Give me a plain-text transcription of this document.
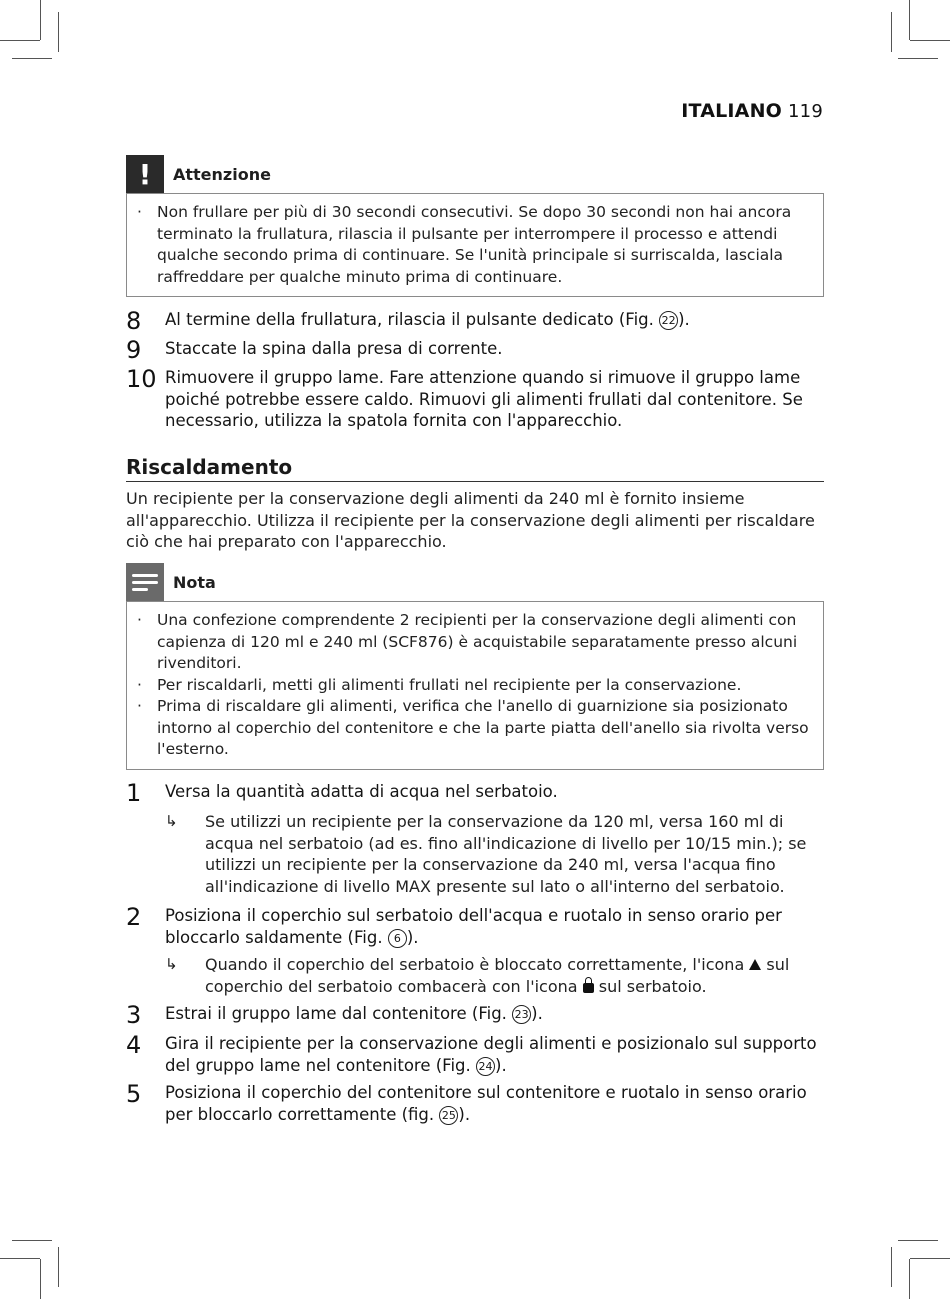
ITALIANO 119
!	Attenzione
· Non frullare per più di 30 secondi consecutivi. Se dopo 30 secondi non hai ancora terminato la frullatura, rilascia il pulsante per interrompere il processo e attendi qualche secondo prima di continuare. Se l'unità principale si surriscalda, lasciala raffreddare per qualche minuto prima di continuare.
8	Al termine della frullatura, rilascia il pulsante dedicato (Fig. 22 ).
9	Staccate la spina dalla presa di corrente.
10 Rimuovere il gruppo lame. Fare attenzione quando si rimuove il gruppo lame poiché potrebbe essere caldo. Rimuovi gli alimenti frullati dal contenitore. Se necessario, utilizza la spatola fornita con l'apparecchio.
Riscaldamento
Un recipiente per la conservazione degli alimenti da 240 ml è fornito insieme all'apparecchio. Utilizza il recipiente per la conservazione degli alimenti per riscaldare ciò che hai preparato con l'apparecchio.
Nota
· Una confezione comprendente 2 recipienti per la conservazione degli alimenti con capienza di 120 ml e 240 ml (SCF876) è acquistabile separatamente presso alcuni rivenditori.
· Per riscaldarli, metti gli alimenti frullati nel recipiente per la conservazione.
· Prima di riscaldare gli alimenti, verifica che l'anello di guarnizione sia posizionato intorno al coperchio del contenitore e che la parte piatta dell'anello sia rivolta verso l'esterno.
1	Versa la quantità adatta di acqua nel serbatoio.
↳	Se utilizzi un recipiente per la conservazione da 120 ml, versa 160 ml di acqua nel serbatoio (ad es. fino all'indicazione di livello per 10/15 min.); se utilizzi un recipiente per la conservazione da 240 ml, versa l'acqua fino all'indicazione di livello MAX presente sul lato o all'interno del serbatoio.
2	Posiziona il coperchio sul serbatoio dell'acqua e ruotalo in senso orario per bloccarlo saldamente (Fig. 6 ).
↳	Quando il coperchio del serbatoio è bloccato correttamente, l'icona  sul coperchio del serbatoio combacerà con l'icona  sul serbatoio.
3	Estrai il gruppo lame dal contenitore (Fig. 23 ).
4	Gira il recipiente per la conservazione degli alimenti e posizionalo sul supporto del gruppo lame nel contenitore (Fig. 24 ).
5	Posiziona il coperchio del contenitore sul contenitore e ruotalo in senso orario per bloccarlo correttamente (fig. 25 ).
